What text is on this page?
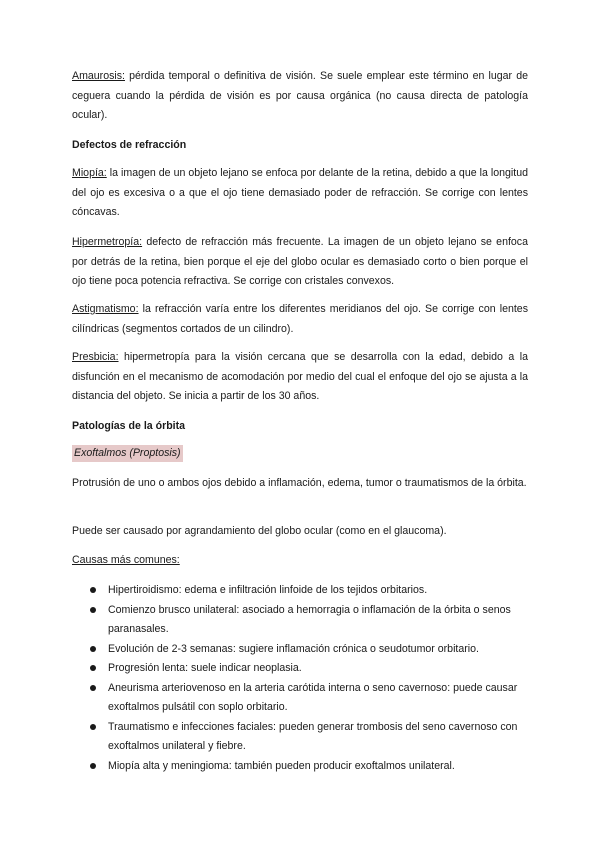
Amaurosis: pérdida temporal o definitiva de visión. Se suele emplear este término en lugar de ceguera cuando la pérdida de visión es por causa orgánica (no causa directa de patología ocular).

Defectos de refracción

Miopía: la imagen de un objeto lejano se enfoca por delante de la retina, debido a que la longitud del ojo es excesiva o a que el ojo tiene demasiado poder de refracción. Se corrige con lentes cóncavas.

Hipermetropía: defecto de refracción más frecuente. La imagen de un objeto lejano se enfoca por detrás de la retina, bien porque el eje del globo ocular es demasiado corto o bien porque el ojo tiene poca potencia refractiva. Se corrige con cristales convexos.

Astigmatismo: la refracción varía entre los diferentes meridianos del ojo. Se corrige con lentes cilíndricas (segmentos cortados de un cilindro).

Presbicia: hipermetropía para la visión cercana que se desarrolla con la edad, debido a la disfunción en el mecanismo de acomodación por medio del cual el enfoque del ojo se ajusta a la distancia del objeto. Se inicia a partir de los 30 años.

Patologías de la órbita

Exoftalmos (Proptosis)

Protrusión de uno o ambos ojos debido a inflamación, edema, tumor o traumatismos de la órbita.

Puede ser causado por agrandamiento del globo ocular (como en el glaucoma).

Causas más comunes:

Hipertiroidismo: edema e infiltración linfoide de los tejidos orbitarios.
Comienzo brusco unilateral: asociado a hemorragia o inflamación de la órbita o senos paranasales.
Evolución de 2-3 semanas: sugiere inflamación crónica o seudotumor orbitario.
Progresión lenta: suele indicar neoplasia.
Aneurisma arteriovenoso en la arteria carótida interna o seno cavernoso: puede causar exoftalmos pulsátil con soplo orbitario.
Traumatismo e infecciones faciales: pueden generar trombosis del seno cavernoso con exoftalmos unilateral y fiebre.
Miopía alta y meningioma: también pueden producir exoftalmos unilateral.
